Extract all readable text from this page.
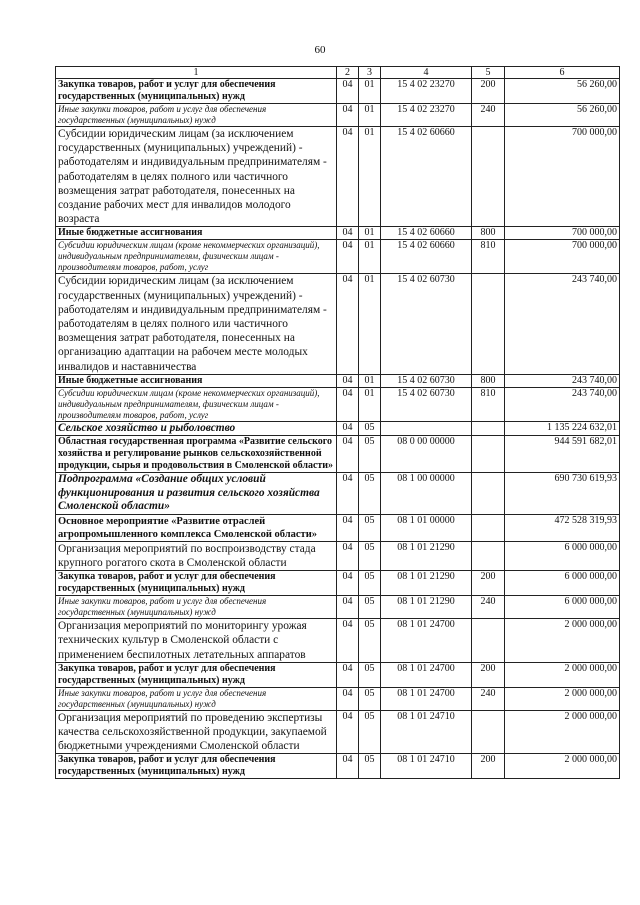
60
1	2	3	4	5	6
Закупка товаров, работ и услуг для обеспечения государственных (муниципальных) нужд	04	01	15 4 02 23270	200	56 260,00
Иные закупки товаров, работ и услуг для обеспечения государственных (муниципальных) нужд	04	01	15 4 02 23270	240	56 260,00
Субсидии юридическим лицам (за исключением государственных (муниципальных) учреждений) - работодателям и индивидуальным предпринимателям - работодателям в целях полного или частичного возмещения затрат работодателя, понесенных на создание рабочих мест для инвалидов молодого возраста	04	01	15 4 02 60660		700 000,00
Иные бюджетные ассигнования	04	01	15 4 02 60660	800	700 000,00
Субсидии юридическим лицам (кроме некоммерческих организаций), индивидуальным предпринимателям, физическим лицам - производителям товаров, работ, услуг	04	01	15 4 02 60660	810	700 000,00
Субсидии юридическим лицам (за исключением государственных (муниципальных) учреждений) - работодателям и индивидуальным предпринимателям - работодателям в целях полного или частичного возмещения затрат работодателя, понесенных на организацию адаптации на рабочем месте молодых инвалидов и наставничества	04	01	15 4 02 60730		243 740,00
Иные бюджетные ассигнования	04	01	15 4 02 60730	800	243 740,00
Субсидии юридическим лицам (кроме некоммерческих организаций), индивидуальным предпринимателям, физическим лицам - производителям товаров, работ, услуг	04	01	15 4 02 60730	810	243 740,00
Сельское хозяйство и рыболовство	04	05			1 135 224 632,01
Областная государственная программа «Развитие сельского хозяйства и регулирование рынков сельскохозяйственной продукции, сырья и продовольствия в Смоленской области»	04	05	08 0 00 00000		944 591 682,01
Подпрограмма «Создание общих условий функционирования и развития сельского хозяйства Смоленской области»	04	05	08 1 00 00000		690 730 619,93
Основное мероприятие «Развитие отраслей агропромышленного комплекса Смоленской области»	04	05	08 1 01 00000		472 528 319,93
Организация мероприятий по воспроизводству стада крупного рогатого скота в Смоленской области	04	05	08 1 01 21290		6 000 000,00
Закупка товаров, работ и услуг для обеспечения государственных (муниципальных) нужд	04	05	08 1 01 21290	200	6 000 000,00
Иные закупки товаров, работ и услуг для обеспечения государственных (муниципальных) нужд	04	05	08 1 01 21290	240	6 000 000,00
Организация мероприятий по мониторингу урожая технических культур в Смоленской области с применением беспилотных летательных аппаратов	04	05	08 1 01 24700		2 000 000,00
Закупка товаров, работ и услуг для обеспечения государственных (муниципальных) нужд	04	05	08 1 01 24700	200	2 000 000,00
Иные закупки товаров, работ и услуг для обеспечения государственных (муниципальных) нужд	04	05	08 1 01 24700	240	2 000 000,00
Организация мероприятий по проведению экспертизы качества сельскохозяйственной продукции, закупаемой бюджетными учреждениями Смоленской области	04	05	08 1 01 24710		2 000 000,00
Закупка товаров, работ и услуг для обеспечения государственных (муниципальных) нужд	04	05	08 1 01 24710	200	2 000 000,00
